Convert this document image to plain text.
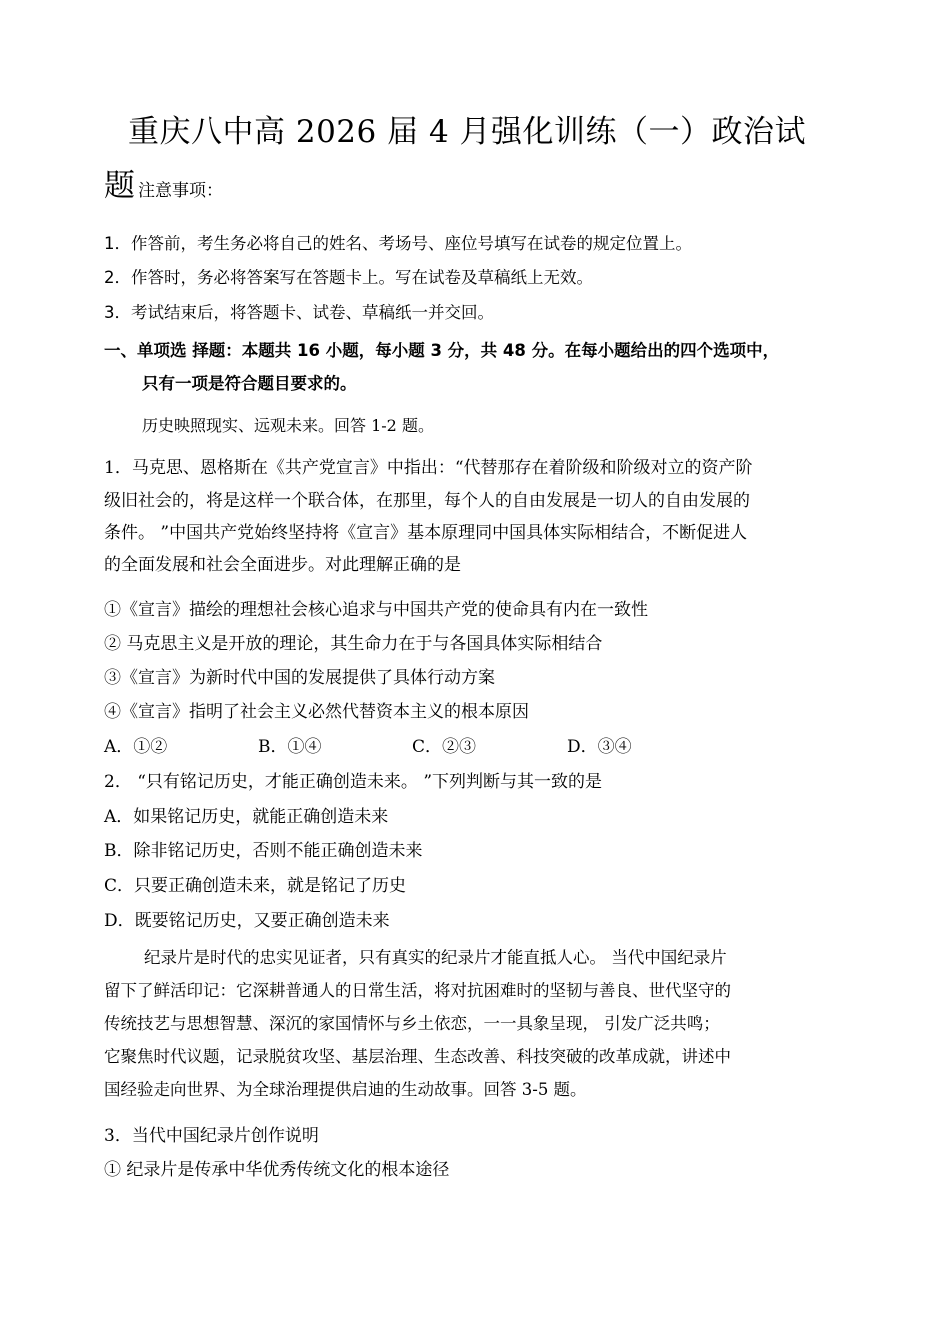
重庆八中高 2026 届 4 月强化训练（一）政治试
题 注意事项：
1．作答前，考生务必将自己的姓名、考场号、座位号填写在试卷的规定位置上。
2．作答时，务必将答案写在答题卡上。写在试卷及草稿纸上无效。
3．考试结束后，将答题卡、试卷、草稿纸一并交回。
一、单项选 择题：本题共 16 小题，每小题 3 分，共 48 分。在每小题给出的四个选项中，
只有一项是符合题目要求的。
历史映照现实、远观未来。回答 1-2 题。
1．马克思、恩格斯在《共产党宣言》中指出：“代替那存在着阶级和阶级对立的资产阶
级旧社会的，将是这样一个联合体，在那里，每个人的自由发展是一切人的自由发展的
条件。 ”中国共产党始终坚持将《宣言》基本原理同中国具体实际相结合，不断促进人
的全面发展和社会全面进步。对此理解正确的是
①《宣言》描绘的理想社会核心追求与中国共产党的使命具有内在一致性
② 马克思主义是开放的理论，其生命力在于与各国具体实际相结合
③《宣言》为新时代中国的发展提供了具体行动方案
④《宣言》指明了社会主义必然代替资本主义的根本原因
A．①②	B．①④	C．②③	D．③④
2． “只有铭记历史，才能正确创造未来。 ”下列判断与其一致的是
A．如果铭记历史，就能正确创造未来
B．除非铭记历史，否则不能正确创造未来
C．只要正确创造未来，就是铭记了历史
D．既要铭记历史，又要正确创造未来
纪录片是时代的忠实见证者，只有真实的纪录片才能直抵人心。 当代中国纪录片
留下了鲜活印记：它深耕普通人的日常生活，将对抗困难时的坚韧与善良、世代坚守的
传统技艺与思想智慧、深沉的家国情怀与乡土依恋，一一具象呈现， 引发广泛共鸣；
它聚焦时代议题，记录脱贫攻坚、基层治理、生态改善、科技突破的改革成就，讲述中
国经验走向世界、为全球治理提供启迪的生动故事。回答 3-5 题。
3．当代中国纪录片创作说明
① 纪录片是传承中华优秀传统文化的根本途径
